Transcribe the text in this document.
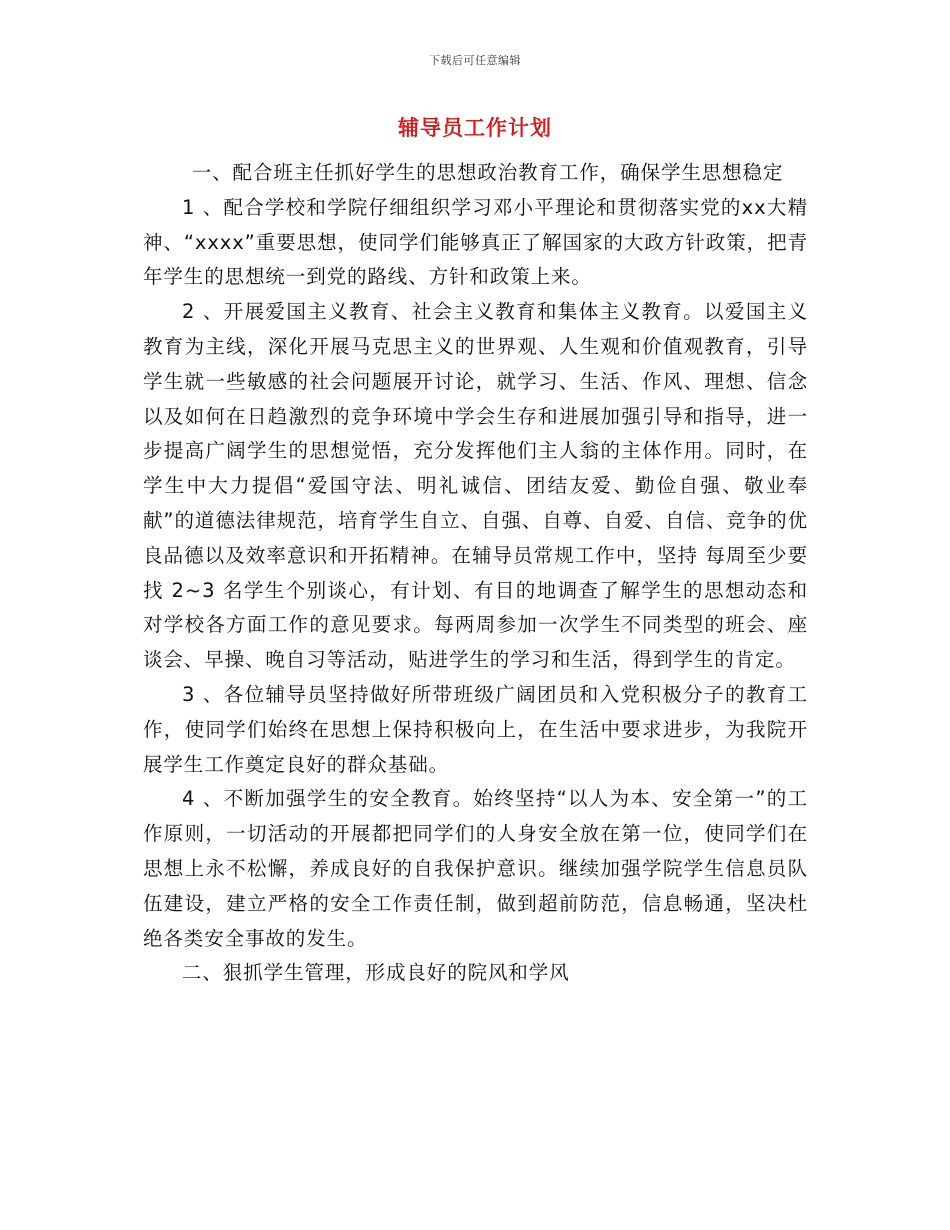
下载后可任意编辑
辅导员工作计划

一、配合班主任抓好学生的思想政治教育工作，确保学生思想稳定

1 、配合学校和学院仔细组织学习邓小平理论和贯彻落实党的xx大精神、“xxxx”重要思想，使同学们能够真正了解国家的大政方针政策，把青年学生的思想统一到党的路线、方针和政策上来。

2 、开展爱国主义教育、社会主义教育和集体主义教育。以爱国主义教育为主线，深化开展马克思主义的世界观、人生观和价值观教育，引导学生就一些敏感的社会问题展开讨论，就学习、生活、作风、理想、信念以及如何在日趋激烈的竞争环境中学会生存和进展加强引导和指导，进一步提高广阔学生的思想觉悟，充分发挥他们主人翁的主体作用。同时，在学生中大力提倡“爱国守法、明礼诚信、团结友爱、勤俭自强、敬业奉献”的道德法律规范，培育学生自立、自强、自尊、自爱、自信、竞争的优良品德以及效率意识和开拓精神。在辅导员常规工作中，坚持 每周至少要找 2~3 名学生个别谈心，有计划、有目的地调查了解学生的思想动态和对学校各方面工作的意见要求。每两周参加一次学生不同类型的班会、座谈会、早操、晚自习等活动，贴进学生的学习和生活，得到学生的肯定。

3 、各位辅导员坚持做好所带班级广阔团员和入党积极分子的教育工作，使同学们始终在思想上保持积极向上，在生活中要求进步，为我院开展学生工作奠定良好的群众基础。

4 、不断加强学生的安全教育。始终坚持“以人为本、安全第一”的工作原则，一切活动的开展都把同学们的人身安全放在第一位，使同学们在思想上永不松懈，养成良好的自我保护意识。继续加强学院学生信息员队伍建设，建立严格的安全工作责任制，做到超前防范，信息畅通，坚决杜绝各类安全事故的发生。

二、狠抓学生管理，形成良好的院风和学风
